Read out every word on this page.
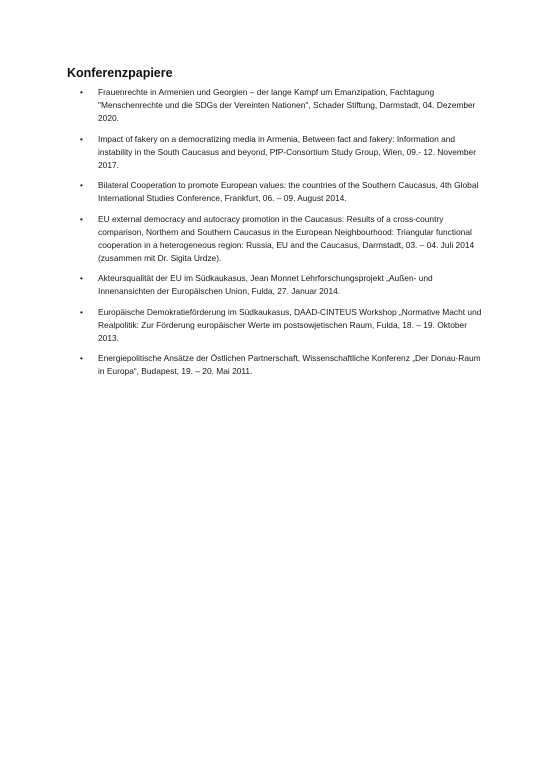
Konferenzpapiere
• Frauenrechte in Armenien und Georgien – der lange Kampf um Emanzipation, Fachtagung "Menschenrechte und die SDGs der Vereinten Nationen", Schader Stiftung, Darmstadt, 04. Dezember 2020.
• Impact of fakery on a democratizing media in Armenia, Between fact and fakery: Information and instability in the South Caucasus and beyond, PfP-Consortium Study Group, Wien, 09.- 12. November 2017.
• Bilateral Cooperation to promote European values: the countries of the Southern Caucasus, 4th Global International Studies Conference, Frankfurt, 06. – 09. August 2014.
• EU external democracy and autocracy promotion in the Caucasus: Results of a cross-country comparison, Northern and Southern Caucasus in the European Neighbourhood: Triangular functional cooperation in a heterogeneous region: Russia, EU and the Caucasus, Darmstadt, 03. – 04. Juli 2014 (zusammen mit Dr. Sigita Urdze).
• Akteursqualität der EU im Südkaukasus, Jean Monnet Lehrforschungsprojekt „Außen- und Innenansichten der Europäischen Union, Fulda, 27. Januar 2014.
• Europäische Demokratieförderung im Südkaukasus, DAAD-CINTEUS Workshop „Normative Macht und Realpolitik: Zur Förderung europäischer Werte im postsowjetischen Raum, Fulda, 18. – 19. Oktober 2013.
• Energiepolitische Ansätze der Östlichen Partnerschaft, Wissenschaftliche Konferenz „Der Donau-Raum in Europa“, Budapest, 19. – 20. Mai 2011.
